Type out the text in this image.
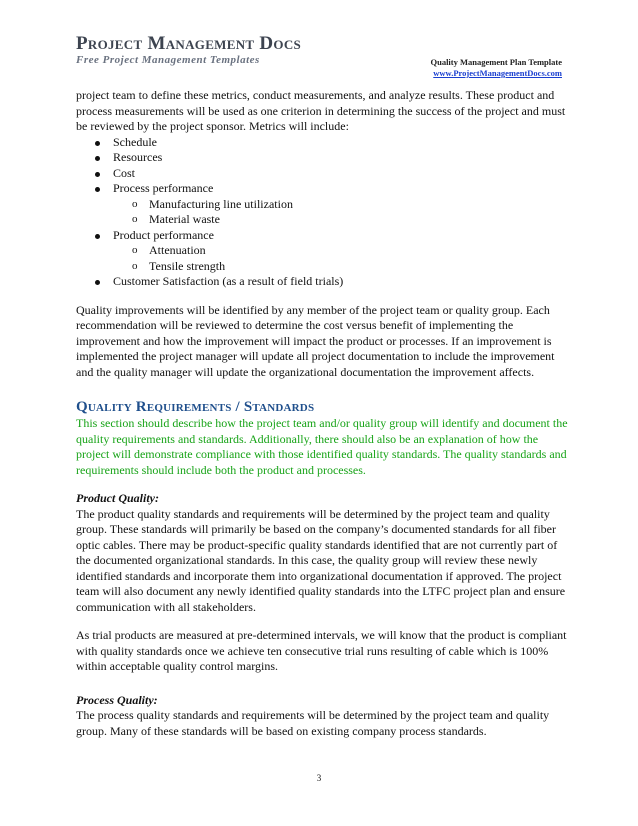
Project Management Docs
Free Project Management Templates	Quality Management Plan Template
www.ProjectManagementDocs.com

project team to define these metrics, conduct measurements, and analyze results. These product and process measurements will be used as one criterion in determining the success of the project and must be reviewed by the project sponsor. Metrics will include:

Schedule
Resources
Cost
Process performance
o Manufacturing line utilization
o Material waste
Product performance
o Attenuation
o Tensile strength
Customer Satisfaction (as a result of field trials)

Quality improvements will be identified by any member of the project team or quality group. Each recommendation will be reviewed to determine the cost versus benefit of implementing the improvement and how the improvement will impact the product or processes. If an improvement is implemented the project manager will update all project documentation to include the improvement and the quality manager will update the organizational documentation the improvement affects.

Quality Requirements / Standards

This section should describe how the project team and/or quality group will identify and document the quality requirements and standards. Additionally, there should also be an explanation of how the project will demonstrate compliance with those identified quality standards. The quality standards and requirements should include both the product and processes.

Product Quality:

The product quality standards and requirements will be determined by the project team and quality group. These standards will primarily be based on the company’s documented standards for all fiber optic cables. There may be product-specific quality standards identified that are not currently part of the documented organizational standards. In this case, the quality group will review these newly identified standards and incorporate them into organizational documentation if approved. The project team will also document any newly identified quality standards into the LTFC project plan and ensure communication with all stakeholders.

As trial products are measured at pre-determined intervals, we will know that the product is compliant with quality standards once we achieve ten consecutive trial runs resulting of cable which is 100% within acceptable quality control margins.

Process Quality:

The process quality standards and requirements will be determined by the project team and quality group. Many of these standards will be based on existing company process standards.

3
